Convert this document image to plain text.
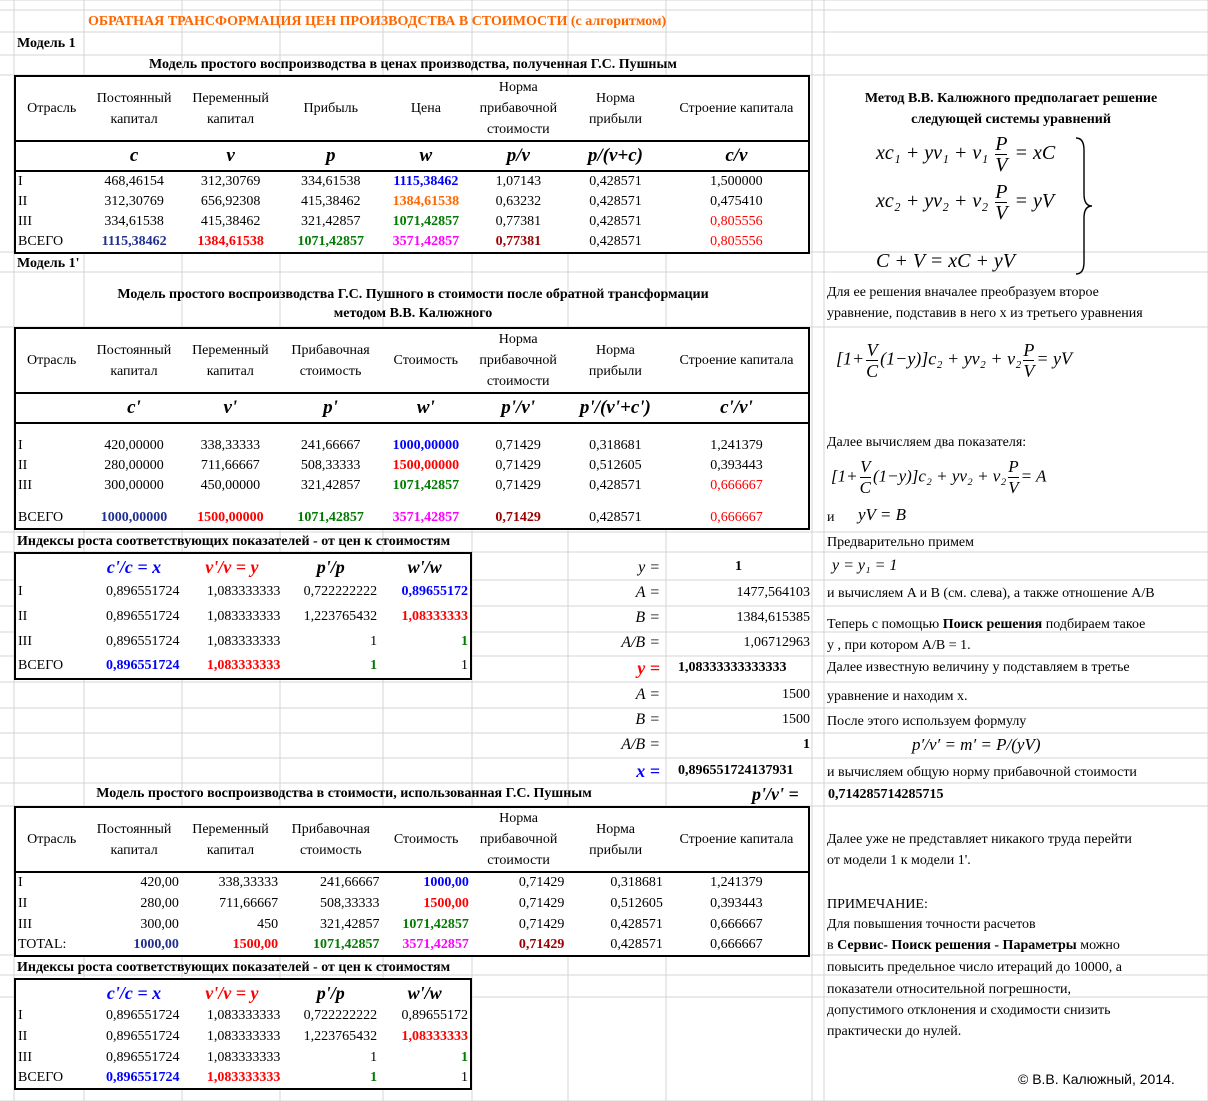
ОБРАТНАЯ ТРАНСФОРМАЦИЯ ЦЕН ПРОИЗВОДСТВА В СТОИМОСТИ (с алгоритмом)
Модель 1
Модель простого воспроизводства в ценах производства, полученная Г.С. Пушным
Отрасль	Постоянный капитал	Переменный капитал	Прибыль	Цена	Норма прибавочной стоимости	Норма прибыли	Строение капитала
	c	v	p	w	p/v	p/(v+c)	c/v
I	468,46154	312,30769	334,61538	1115,38462	1,07143	0,428571	1,500000
II	312,30769	656,92308	415,38462	1384,61538	0,63232	0,428571	0,475410
III	334,61538	415,38462	321,42857	1071,42857	0,77381	0,428571	0,805556
ВСЕГО	1115,38462	1384,61538	1071,42857	3571,42857	0,77381	0,428571	0,805556
Модель 1'
Модель простого воспроизводства Г.С. Пушного в стоимости после обратной трансформации
методом В.В. Калюжного
Отрасль	Постоянный капитал	Переменный капитал	Прибавочная стоимость	Стоимость	Норма прибавочной стоимости	Норма прибыли	Строение капитала
	c'	v'	p'	w'	p'/v'	p'/(v'+c')	c'/v'

I	420,00000	338,33333	241,66667	1000,00000	0,71429	0,318681	1,241379
II	280,00000	711,66667	508,33333	1500,00000	0,71429	0,512605	0,393443
III	300,00000	450,00000	321,42857	1071,42857	0,71429	0,428571	0,666667

ВСЕГО	1000,00000	1500,00000	1071,42857	3571,42857	0,71429	0,428571	0,666667
Индексы роста соответствующих показателей - от цен к стоимостям
	c'/c = x	v'/v = y	p'/p	w'/w
I	0,896551724	1,083333333	0,722222222	0,89655172
II	0,896551724	1,083333333	1,223765432	1,08333333
III	0,896551724	1,083333333	1	1
ВСЕГО	0,896551724	1,083333333	1	1
y =	1
A =	1477,564103
B =	1384,615385
A/B =	1,06712963
y = 1,08333333333333
A =	1500
B =	1500
A/B =	1
x = 0,896551724137931
Модель простого воспроизводства в стоимости, использованная Г.С. Пушным	p'/v' = 0,714285714285715
Отрасль	Постоянный капитал	Переменный капитал	Прибавочная стоимость	Стоимость	Норма прибавочной стоимости	Норма прибыли	Строение капитала
I	420,00	338,33333	241,66667	1000,00	0,71429	0,318681	1,241379
II	280,00	711,66667	508,33333	1500,00	0,71429	0,512605	0,393443
III	300,00	450	321,42857	1071,42857	0,71429	0,428571	0,666667
TOTAL:	1000,00	1500,00	1071,42857	3571,42857	0,71429	0,428571	0,666667
Индексы роста соответствующих показателей - от цен к стоимостям
	c'/c = x	v'/v = y	p'/p	w'/w
I	0,896551724	1,083333333	0,722222222	0,89655172
II	0,896551724	1,083333333	1,223765432	1,08333333
III	0,896551724	1,083333333	1	1
ВСЕГО	0,896551724	1,083333333	1	1
Метод В.В. Калюжного предполагает решение следующей системы уравнений
$xc_1 + yv_1 + v_1 \frac{P}{V}$ = xC
$xc_2 + yv_2 + v_2 \frac{P}{V}$ = yV
C + V = xC + yV
Для ее решения вначалее преобразуем второе
уравнение, подставив в него x из третьего уравнения
$[1+ \frac{V}{C} (1-y)]c_2 + yv_2 + v_2 \frac{P}{V}$ = yV
Далее вычисляем два показателя:
$[1+ \frac{V}{C} (1-y)]c_2 + yv_2 + v_2 \frac{P}{V} = A$
и yV = B
Предварительно примем
y = y₁ = 1
и вычисляем A и B (см. слева), а также отношение A/B
Теперь с помощью Поиск решения подбираем такое
y , при котором A/B = 1.
Далее известную величину y подставляем в третье
уравнение и находим x.
После этого используем формулу
p′/v′ = m′ = P/(yV)
и вычисляем общую норму прибавочной стоимости
Далее уже не представляет никакого труда перейти
от модели 1 к модели 1'.
ПРИМЕЧАНИЕ:
Для повышения точности расчетов
в Сервис- Поиск решения - Параметры можно
повысить предельное число итераций до 10000, а
показатели относительной погрешности,
допустимого отклонения и сходимости снизить
практически до нулей.
© В.В. Калюжный, 2014.
